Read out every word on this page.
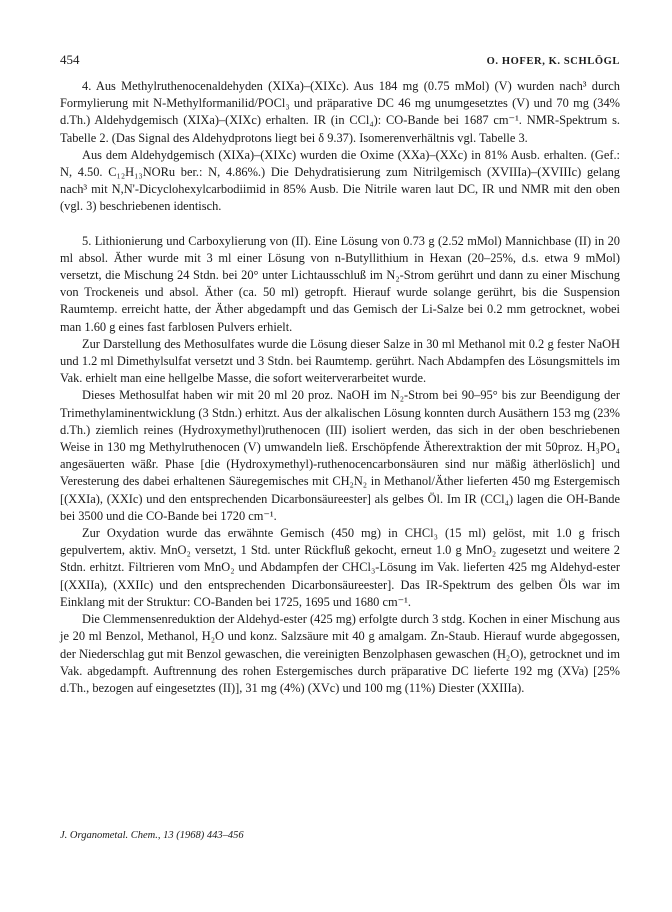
454	O. HOFER, K. SCHLÖGL

4. Aus Methylruthenocenaldehyden (XIXa)–(XIXc). Aus 184 mg (0.75 mMol) (V) wurden nach³ durch Formylierung mit N-Methylformanilid/POCl₃ und präparative DC 46 mg unumgesetztes (V) und 70 mg (34% d.Th.) Aldehydgemisch (XIXa)–(XIXc) erhalten. IR (in CCl₄): CO-Bande bei 1687 cm⁻¹. NMR-Spektrum s. Tabelle 2. (Das Signal des Aldehydprotons liegt bei δ 9.37). Isomerenverhältnis vgl. Tabelle 3.

Aus dem Aldehydgemisch (XIXa)–(XIXc) wurden die Oxime (XXa)–(XXc) in 81% Ausb. erhalten. (Gef.: N, 4.50. C₁₂H₁₃NORu ber.: N, 4.86%.) Die Dehydratisierung zum Nitrilgemisch (XVIIIa)–(XVIIIc) gelang nach³ mit N,N'-Dicyclohexylcarbodiimid in 85% Ausb. Die Nitrile waren laut DC, IR und NMR mit den oben (vgl. 3) beschriebenen identisch.

5. Lithionierung und Carboxylierung von (II). Eine Lösung von 0.73 g (2.52 mMol) Mannichbase (II) in 20 ml absol. Äther wurde mit 3 ml einer Lösung von n-Butyllithium in Hexan (20–25%, d.s. etwa 9 mMol) versetzt, die Mischung 24 Stdn. bei 20° unter Lichtausschluß im N₂-Strom gerührt und dann zu einer Mischung von Trockeneis und absol. Äther (ca. 50 ml) getropft. Hierauf wurde solange gerührt, bis die Suspension Raumtemp. erreicht hatte, der Äther abgedampft und das Gemisch der Li-Salze bei 0.2 mm getrocknet, wobei man 1.60 g eines fast farblosen Pulvers erhielt.

Zur Darstellung des Methosulfates wurde die Lösung dieser Salze in 30 ml Methanol mit 0.2 g fester NaOH und 1.2 ml Dimethylsulfat versetzt und 3 Stdn. bei Raumtemp. gerührt. Nach Abdampfen des Lösungsmittels im Vak. erhielt man eine hellgelbe Masse, die sofort weiterverarbeitet wurde.

Dieses Methosulfat haben wir mit 20 ml 20 proz. NaOH im N₂-Strom bei 90–95° bis zur Beendigung der Trimethylaminentwicklung (3 Stdn.) erhitzt. Aus der alkalischen Lösung konnten durch Ausäthern 153 mg (23% d.Th.) ziemlich reines (Hydroxymethyl)ruthenocen (III) isoliert werden, das sich in der oben beschriebenen Weise in 130 mg Methylruthenocen (V) umwandeln ließ. Erschöpfende Ätherextraktion der mit 50proz. H₃PO₄ angesäuerten wäßr. Phase [die (Hydroxymethyl)-ruthenocencarbonsäuren sind nur mäßig ätherlöslich] und Veresterung des dabei erhaltenen Säuregemisches mit CH₂N₂ in Methanol/Äther lieferten 450 mg Estergemisch [(XXIa), (XXIc) und den entsprechenden Dicarbonsäureester] als gelbes Öl. Im IR (CCl₄) lagen die OH-Bande bei 3500 und die CO-Bande bei 1720 cm⁻¹.

Zur Oxydation wurde das erwähnte Gemisch (450 mg) in CHCl₃ (15 ml) gelöst, mit 1.0 g frisch gepulvertem, aktiv. MnO₂ versetzt, 1 Std. unter Rückfluß gekocht, erneut 1.0 g MnO₂ zugesetzt und weitere 2 Stdn. erhitzt. Filtrieren vom MnO₂ und Abdampfen der CHCl₃-Lösung im Vak. lieferten 425 mg Aldehyd-ester [(XXIIa), (XXIIc) und den entsprechenden Dicarbonsäureester]. Das IR-Spektrum des gelben Öls war im Einklang mit der Struktur: CO-Banden bei 1725, 1695 und 1680 cm⁻¹.

Die Clemmensenreduktion der Aldehyd-ester (425 mg) erfolgte durch 3 stdg. Kochen in einer Mischung aus je 20 ml Benzol, Methanol, H₂O und konz. Salzsäure mit 40 g amalgam. Zn-Staub. Hierauf wurde abgegossen, der Niederschlag gut mit Benzol gewaschen, die vereinigten Benzolphasen gewaschen (H₂O), getrocknet und im Vak. abgedampft. Auftrennung des rohen Estergemisches durch präparative DC lieferte 192 mg (XVa) [25% d.Th., bezogen auf eingesetztes (II)], 31 mg (4%) (XVc) und 100 mg (11%) Diester (XXIIIa).

J. Organometal. Chem., 13 (1968) 443–456
